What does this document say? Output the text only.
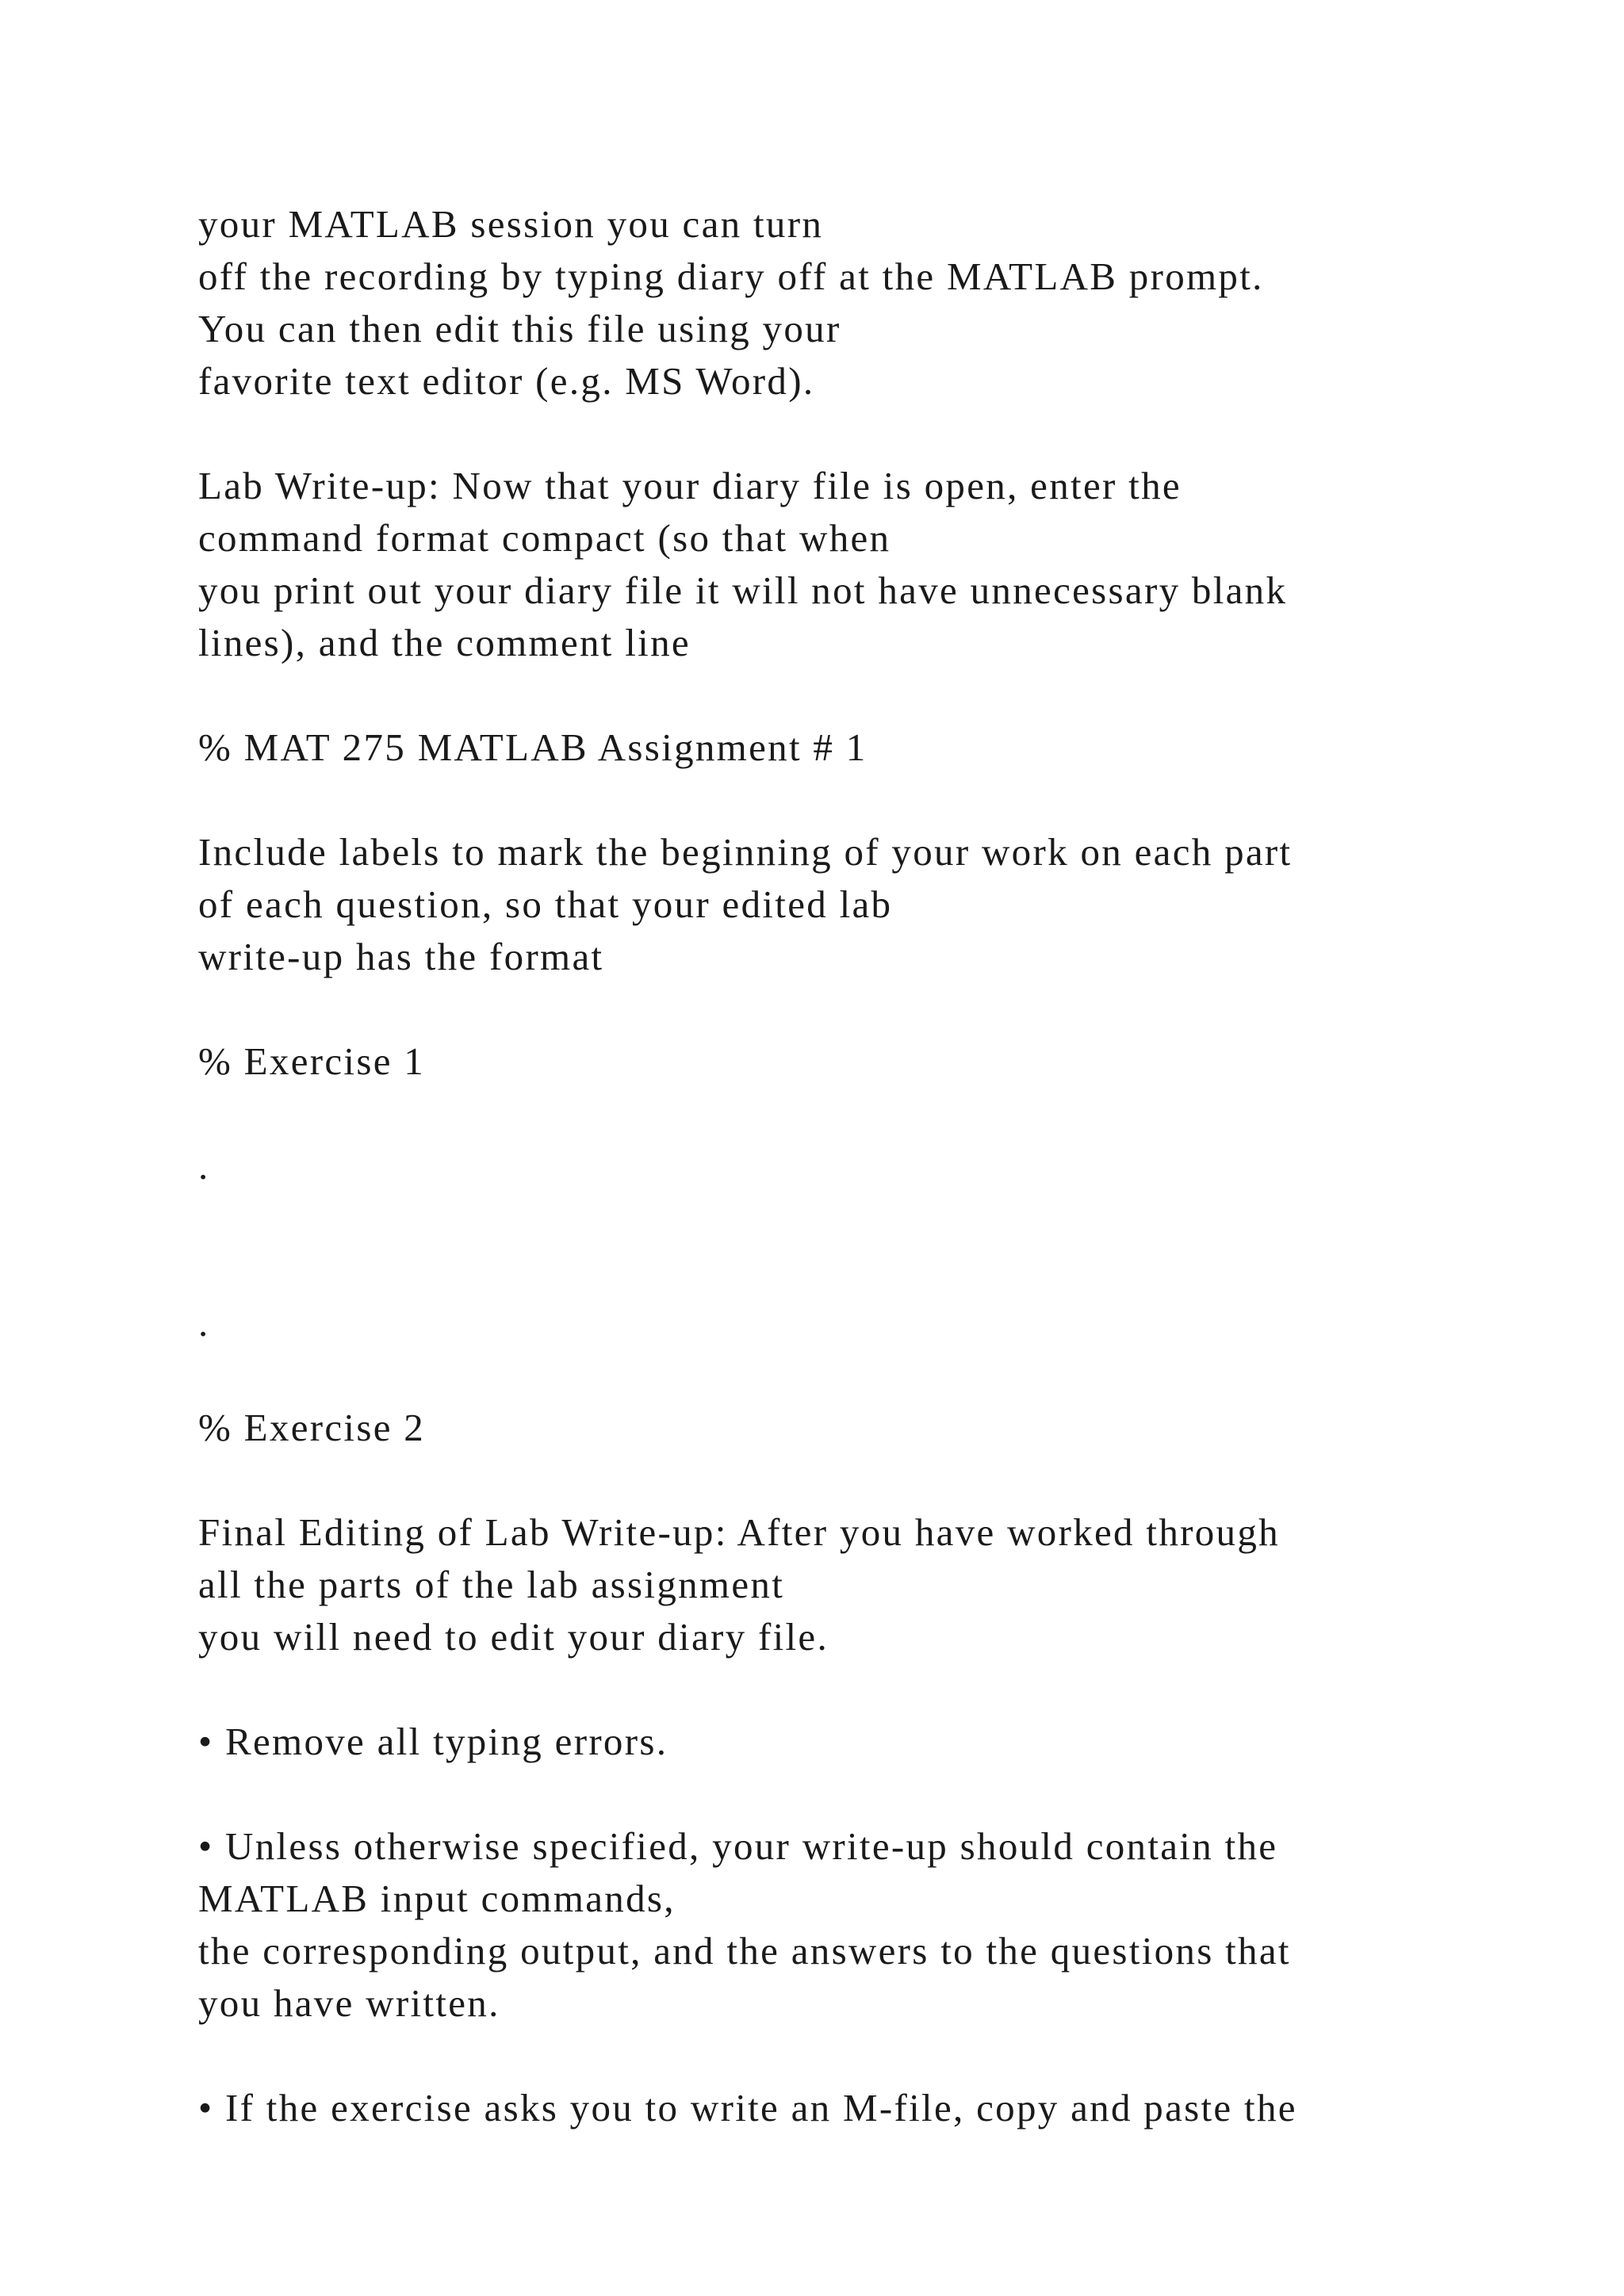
your MATLAB session you can turn
off the recording by typing diary off at the MATLAB prompt.
You can then edit this file using your
favorite text editor (e.g. MS Word).

Lab Write-up: Now that your diary file is open, enter the
command format compact (so that when
you print out your diary file it will not have unnecessary blank
lines), and the comment line

% MAT 275 MATLAB Assignment # 1

Include labels to mark the beginning of your work on each part
of each question, so that your edited lab
write-up has the format

% Exercise 1

.

.

% Exercise 2

Final Editing of Lab Write-up: After you have worked through
all the parts of the lab assignment
you will need to edit your diary file.

• Remove all typing errors.

• Unless otherwise specified, your write-up should contain the
MATLAB input commands,
the corresponding output, and the answers to the questions that
you have written.

• If the exercise asks you to write an M-file, copy and paste the
